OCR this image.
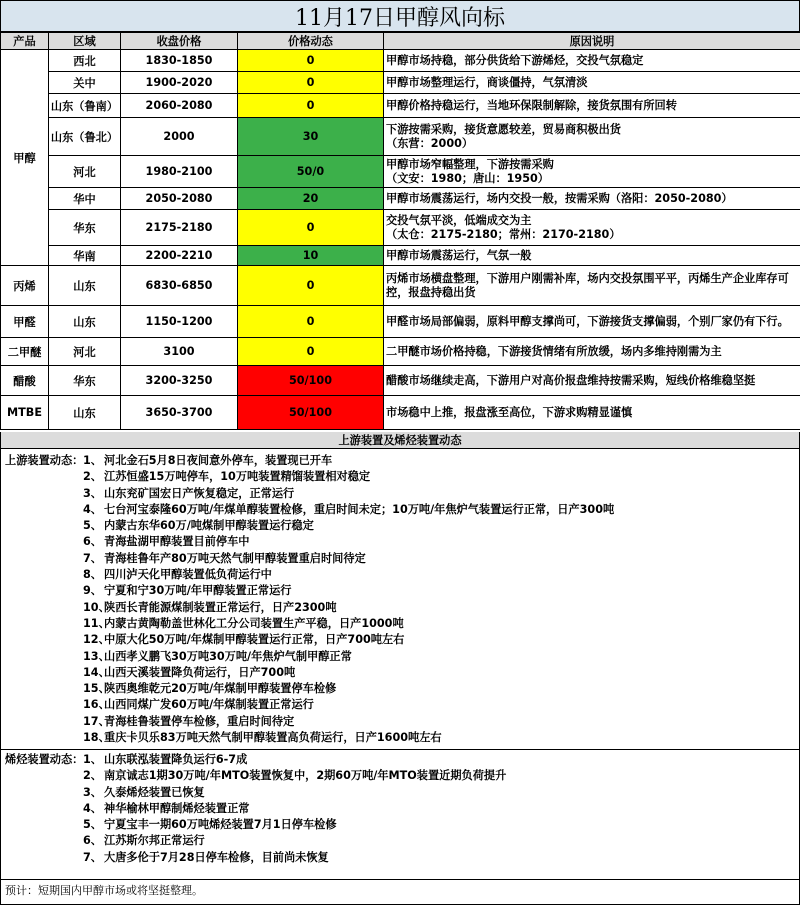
11月17日甲醇风向标
产品	区域	收盘价格	价格动态	原因说明
甲醇	西北	1830-1850	0	甲醇市场持稳，部分供货给下游烯烃，交投气氛稳定

	关中	1900-2020	0	甲醇市场整理运行，商谈僵持，气氛清淡

	山东（鲁南）	2060-2080	0	甲醇价格持稳运行，当地环保限制解除，接货氛围有所回转

	山东（鲁北）	2000	30	下游按需采购，接货意愿较差，贸易商积极出货
（东营：2000）

	河北	1980-2100	50/0	甲醇市场窄幅整理，下游按需采购
（文安：1980；唐山：1950）

	华中	2050-2080	20	甲醇市场震荡运行，场内交投一般，按需采购（洛阳：2050-2080）

	华东	2175-2180	0	交投气氛平淡，低端成交为主
（太仓：2175-2180；常州：2170-2180）

	华南	2200-2210	10	甲醇市场震荡运行，气氛一般

丙烯	山东	6830-6850	0	丙烯市场横盘整理，下游用户刚需补库，场内交投氛围平平，丙烯生产企业库存可
控，报盘持稳出货

甲醛	山东	1150-1200	0	甲醛市场局部偏弱，原料甲醇支撑尚可，下游接货支撑偏弱，个别厂家仍有下行。

二甲醚	河北	3100	0	二甲醚市场价格持稳，下游接货情绪有所放缓，场内多维持刚需为主

醋酸	华东	3200-3250	50/100	醋酸市场继续走高，下游用户对高价报盘维持按需采购，短线价格维稳坚挺

MTBE	山东	3650-3700	50/100	市场稳中上推，报盘涨至高位，下游求购精显谨慎
上游装置及烯烃装置动态
上游装置动态： 1、 河北金石5月8日夜间意外停车，装置现已开车
2、 江苏恒盛15万吨停车，10万吨装置精馏装置相对稳定
3、 山东兖矿国宏日产恢复稳定，正常运行
4、 七台河宝泰隆60万吨/年煤单醇装置检修，重启时间未定；10万吨/年焦炉气装置运行正常，日产300吨
5、 内蒙古东华60万/吨煤制甲醇装置运行稳定
6、 青海盐湖甲醇装置目前停车中
7、 青海桂鲁年产80万吨天然气制甲醇装置重启时间待定
8、 四川泸天化甲醇装置低负荷运行中
9、 宁夏和宁30万吨/年甲醇装置正常运行
10、
陕西长青能源煤制装置正常运行，日产2300吨
11、
内蒙古黄陶勒盖世林化工分公司装置生产平稳，日产1000吨
12、
中原大化50万吨/年煤制甲醇装置运行正常，日产700吨左右
13、
山西孝义鹏飞30万吨30万吨/年焦炉气制甲醇正常
14、
山西天溪装置降负荷运行，日产700吨
15、
陕西奥维乾元20万吨/年煤制甲醇装置停车检修
16、
山西同煤广发60万吨/年煤制装置正常运行
17、
青海桂鲁装置停车检修，重启时间待定
18、
重庆卡贝乐83万吨天然气制甲醇装置高负荷运行，日产1600吨左右
烯烃装置动态： 1、 山东联泓装置降负运行6-7成
2、 南京诚志1期30万吨/年MTO装置恢复中，2期60万吨/年MTO装置近期负荷提升
3、 久泰烯烃装置已恢复
4、 神华榆林甲醇制烯烃装置正常
5、 宁夏宝丰一期60万吨烯烃装置7月1日停车检修
6、 江苏斯尔邦正常运行
7、 大唐多伦于7月28日停车检修，目前尚未恢复
预计：短期国内甲醇市场或将坚挺整理。
